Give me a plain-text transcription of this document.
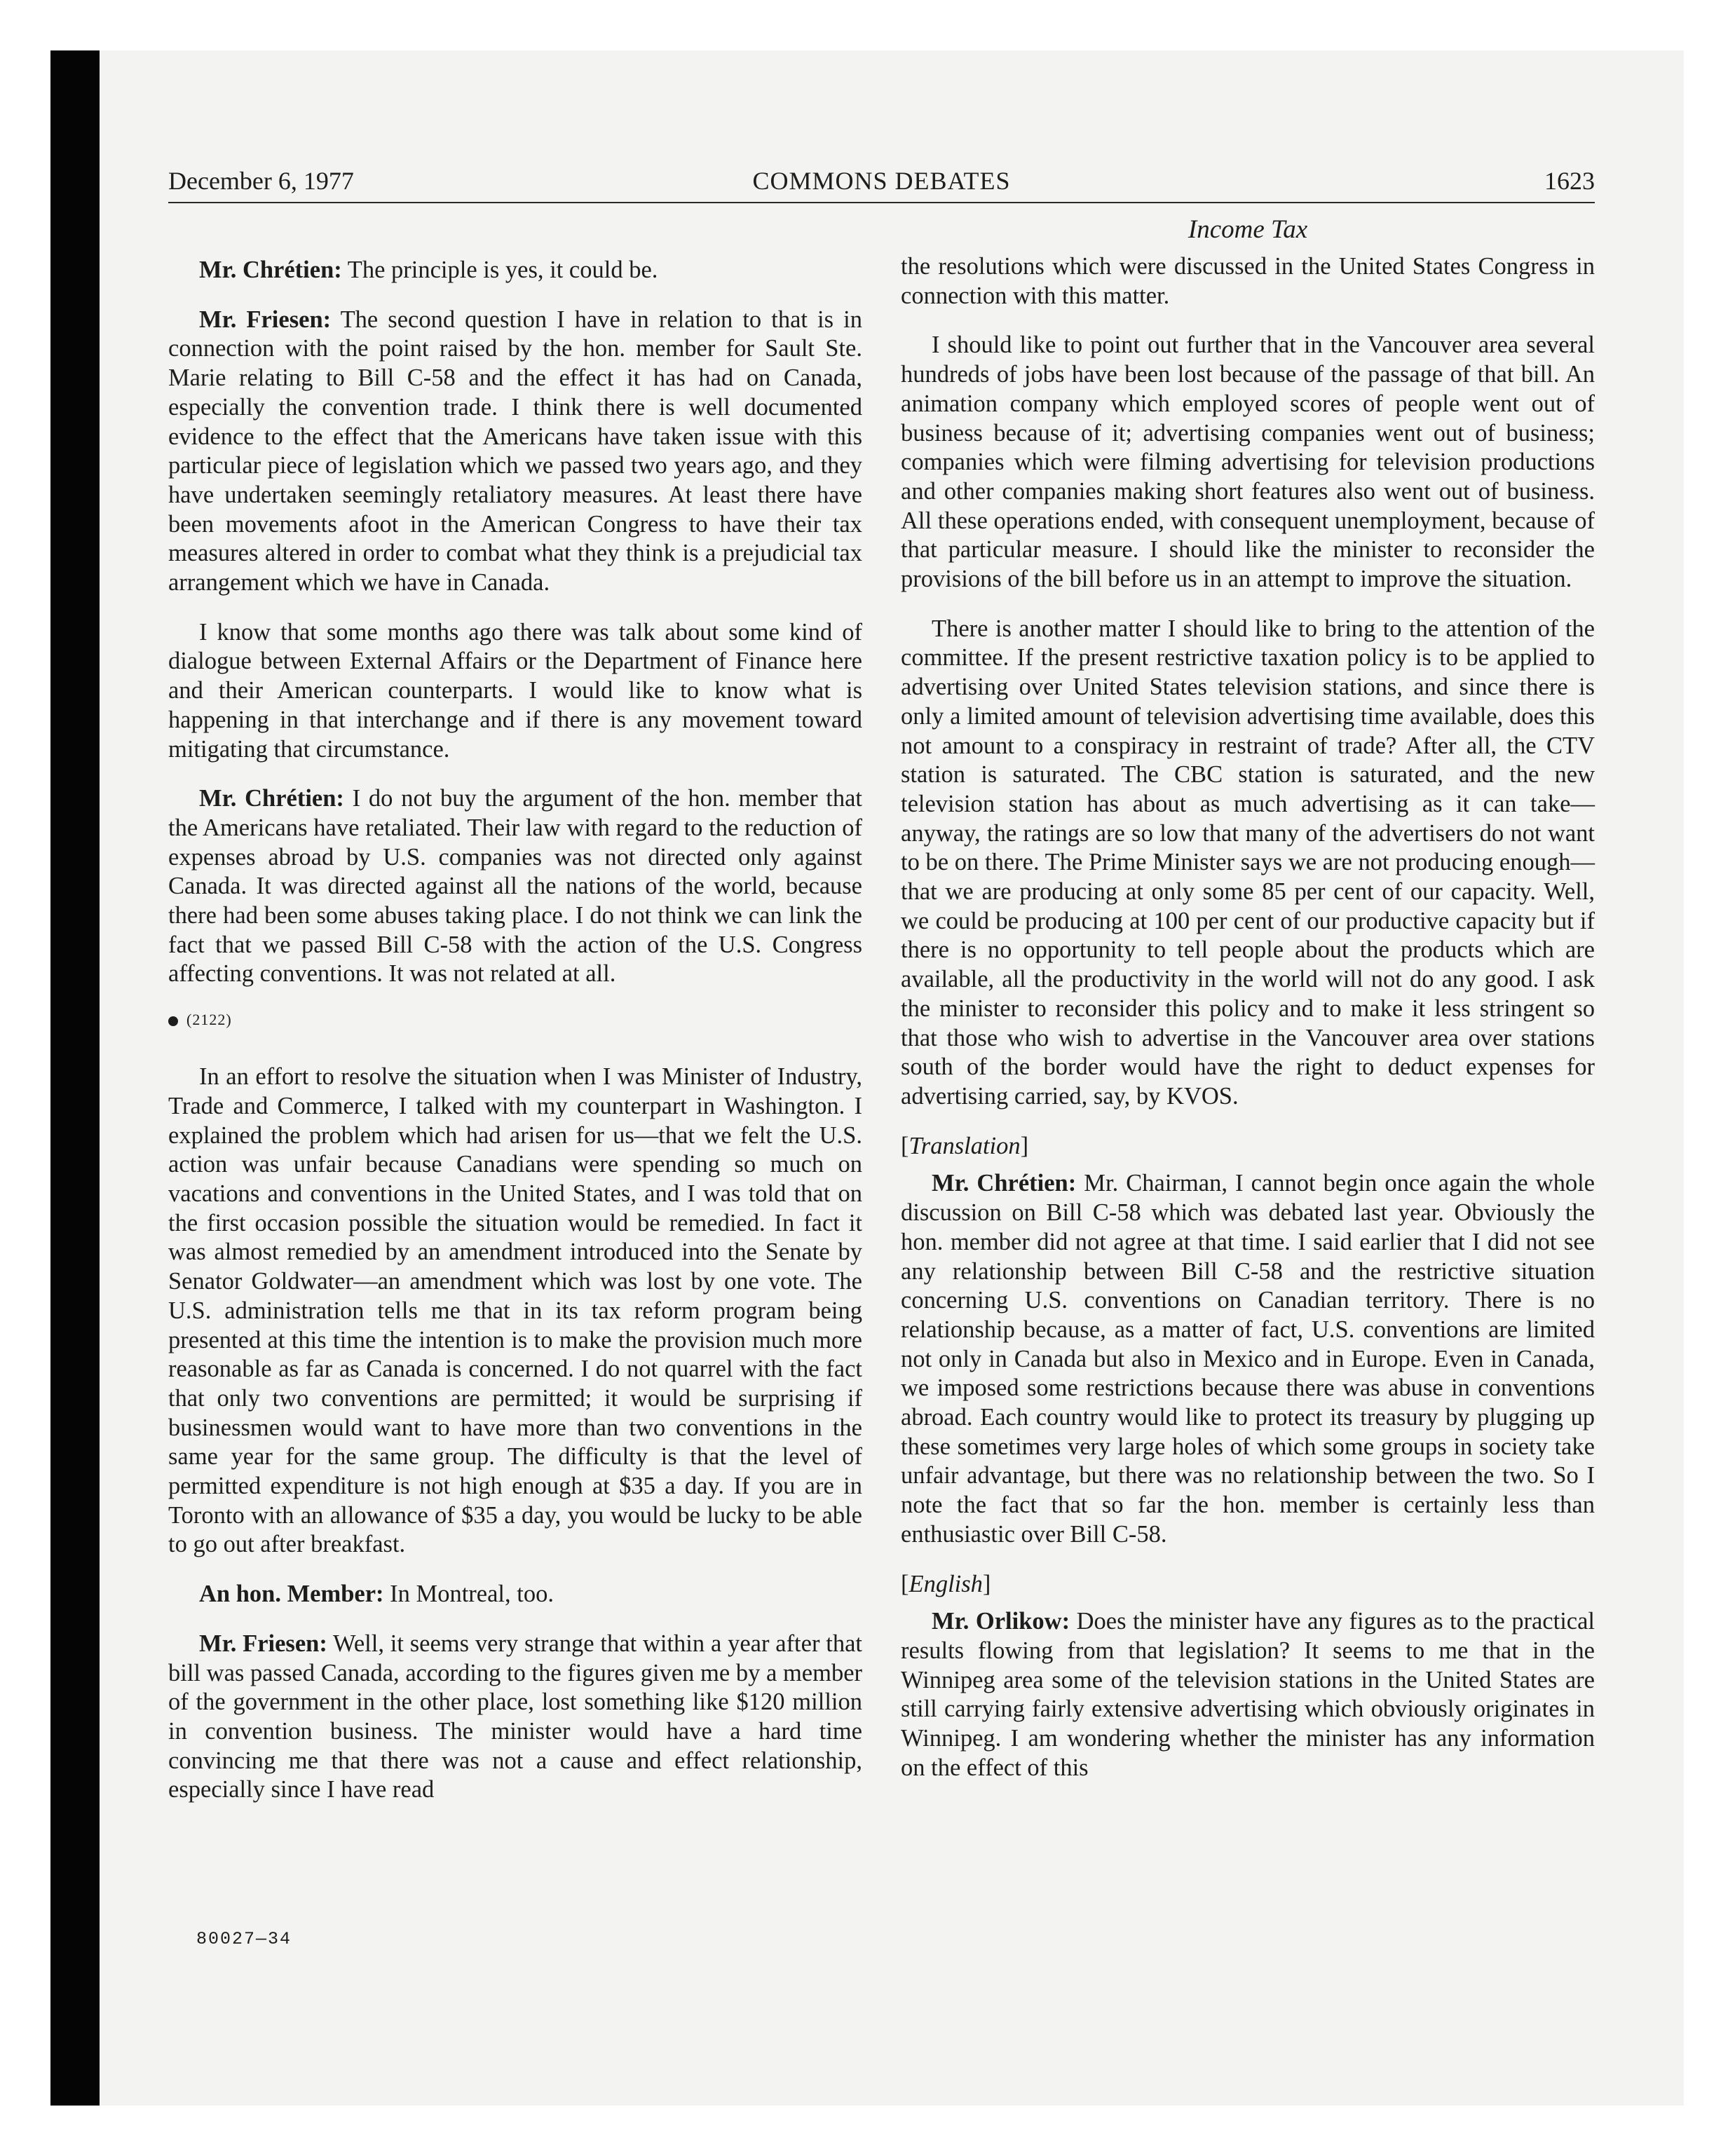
December 6, 1977	COMMONS DEBATES	1623
Income Tax

Mr. Chrétien: The principle is yes, it could be.

Mr. Friesen: The second question I have in relation to that is in connection with the point raised by the hon. member for Sault Ste. Marie relating to Bill C-58 and the effect it has had on Canada, especially the convention trade. I think there is well documented evidence to the effect that the Americans have taken issue with this particular piece of legislation which we passed two years ago, and they have undertaken seemingly retaliatory measures. At least there have been movements afoot in the American Congress to have their tax measures altered in order to combat what they think is a prejudicial tax arrangement which we have in Canada.

I know that some months ago there was talk about some kind of dialogue between External Affairs or the Department of Finance here and their American counterparts. I would like to know what is happening in that interchange and if there is any movement toward mitigating that circumstance.

Mr. Chrétien: I do not buy the argument of the hon. member that the Americans have retaliated. Their law with regard to the reduction of expenses abroad by U.S. companies was not directed only against Canada. It was directed against all the nations of the world, because there had been some abuses taking place. I do not think we can link the fact that we passed Bill C-58 with the action of the U.S. Congress affecting conventions. It was not related at all.

(2122)

In an effort to resolve the situation when I was Minister of Industry, Trade and Commerce, I talked with my counterpart in Washington. I explained the problem which had arisen for us—that we felt the U.S. action was unfair because Canadians were spending so much on vacations and conventions in the United States, and I was told that on the first occasion possible the situation would be remedied. In fact it was almost remedied by an amendment introduced into the Senate by Senator Goldwater—an amendment which was lost by one vote. The U.S. administration tells me that in its tax reform program being presented at this time the intention is to make the provision much more reasonable as far as Canada is concerned. I do not quarrel with the fact that only two conventions are permitted; it would be surprising if businessmen would want to have more than two conventions in the same year for the same group. The difficulty is that the level of permitted expenditure is not high enough at $35 a day. If you are in Toronto with an allowance of $35 a day, you would be lucky to be able to go out after breakfast.

An hon. Member: In Montreal, too.

Mr. Friesen: Well, it seems very strange that within a year after that bill was passed Canada, according to the figures given me by a member of the government in the other place, lost something like $120 million in convention business. The minister would have a hard time convincing me that there was not a cause and effect relationship, especially since I have read

the resolutions which were discussed in the United States Congress in connection with this matter.

I should like to point out further that in the Vancouver area several hundreds of jobs have been lost because of the passage of that bill. An animation company which employed scores of people went out of business because of it; advertising companies went out of business; companies which were filming advertising for television productions and other companies making short features also went out of business. All these operations ended, with consequent unemployment, because of that particular measure. I should like the minister to reconsider the provisions of the bill before us in an attempt to improve the situation.

There is another matter I should like to bring to the attention of the committee. If the present restrictive taxation policy is to be applied to advertising over United States television stations, and since there is only a limited amount of television advertising time available, does this not amount to a conspiracy in restraint of trade? After all, the CTV station is saturated. The CBC station is saturated, and the new television station has about as much advertising as it can take—anyway, the ratings are so low that many of the advertisers do not want to be on there. The Prime Minister says we are not producing enough—that we are producing at only some 85 per cent of our capacity. Well, we could be producing at 100 per cent of our productive capacity but if there is no opportunity to tell people about the products which are available, all the productivity in the world will not do any good. I ask the minister to reconsider this policy and to make it less stringent so that those who wish to advertise in the Vancouver area over stations south of the border would have the right to deduct expenses for advertising carried, say, by KVOS.

[Translation]

Mr. Chrétien: Mr. Chairman, I cannot begin once again the whole discussion on Bill C-58 which was debated last year. Obviously the hon. member did not agree at that time. I said earlier that I did not see any relationship between Bill C-58 and the restrictive situation concerning U.S. conventions on Canadian territory. There is no relationship because, as a matter of fact, U.S. conventions are limited not only in Canada but also in Mexico and in Europe. Even in Canada, we imposed some restrictions because there was abuse in conventions abroad. Each country would like to protect its treasury by plugging up these sometimes very large holes of which some groups in society take unfair advantage, but there was no relationship between the two. So I note the fact that so far the hon. member is certainly less than enthusiastic over Bill C-58.

[English]

Mr. Orlikow: Does the minister have any figures as to the practical results flowing from that legislation? It seems to me that in the Winnipeg area some of the television stations in the United States are still carrying fairly extensive advertising which obviously originates in Winnipeg. I am wondering whether the minister has any information on the effect of this

80027—34
